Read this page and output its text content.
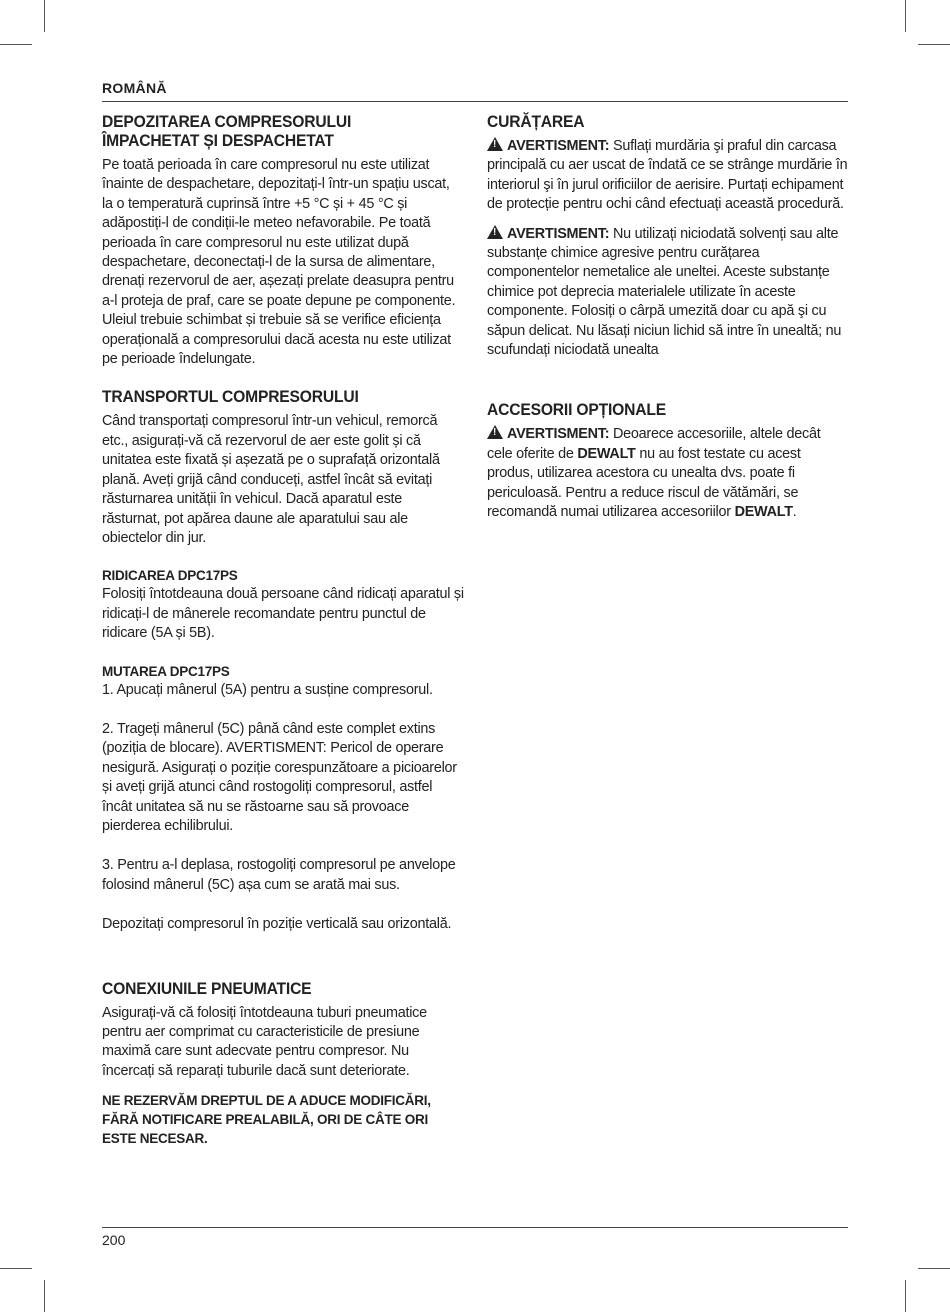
ROMÂNĂ
DEPOZITAREA COMPRESORULUI
ÎMPACHETAT ȘI DESPACHETAT

Pe toată perioada în care compresorul nu este utilizat înainte de despachetare, depozitați-l într-un spațiu uscat, la o temperatură cuprinsă între +5 °C și + 45 °C și adăpostiți-l de condiții-le meteo nefavorabile. Pe toată perioada în care compresorul nu este utilizat după despachetare, deconectați-l de la sursa de alimentare, drenați rezervorul de aer, așezați prelate deasupra pentru a-l proteja de praf, care se poate depune pe componente. Uleiul trebuie schimbat și trebuie să se verifice eficiența operațională a compresorului dacă acesta nu este utilizat pe perioade îndelungate.

TRANSPORTUL COMPRESORULUI

Când transportați compresorul într-un vehicul, remorcă etc., asigurați-vă că rezervorul de aer este golit și că unitatea este fixată și așezată pe o suprafață orizontală plană. Aveți grijă când conduceți, astfel încât să evitați răsturnarea unității în vehicul. Dacă aparatul este răsturnat, pot apărea daune ale aparatului sau ale obiectelor din jur.

RIDICAREA DPC17PS

Folosiți întotdeauna două persoane când ridicați aparatul și ridicați-l de mânerele recomandate pentru punctul de ridicare (5A și 5B).

MUTAREA DPC17PS

1. Apucați mânerul (5A) pentru a susține compresorul.

2. Trageți mânerul (5C) până când este complet extins (poziția de blocare). AVERTISMENT: Pericol de operare nesigură. Asigurați o poziție corespunzătoare a picioarelor și aveți grijă atunci când rostogoliți compresorul, astfel încât unitatea să nu se răstoarne sau să provoace pierderea echilibrului.

3. Pentru a-l deplasa, rostogoliți compresorul pe anvelope folosind mânerul (5C) așa cum se arată mai sus.

Depozitați compresorul în poziție verticală sau orizontală.

CONEXIUNILE PNEUMATICE

Asigurați-vă că folosiți întotdeauna tuburi pneumatice pentru aer comprimat cu caracteristicile de presiune maximă care sunt adecvate pentru compresor. Nu încercați să reparați tuburile dacă sunt deteriorate.

NE REZERVĂM DREPTUL DE A ADUCE MODIFICĂRI, FĂRĂ NOTIFICARE PREALABILĂ, ORI DE CÂTE ORI ESTE NECESAR.

CURĂȚAREA

!AVERTISMENT: Suflați murdăria şi praful din carcasa principală cu aer uscat de îndată ce se strânge murdărie în interiorul şi în jurul orificiilor de aerisire. Purtați echipament de protecție pentru ochi când efectuați această procedură.

!AVERTISMENT: Nu utilizați niciodată solvenți sau alte substanțe chimice agresive pentru curățarea componentelor nemetalice ale uneltei. Aceste substanțe chimice pot deprecia materialele utilizate în aceste componente. Folosiți o cârpă umezită doar cu apă şi cu săpun delicat. Nu lăsați niciun lichid să intre în unealtă; nu scufundați niciodată unealta

ACCESORII OPȚIONALE

!AVERTISMENT: Deoarece accesoriile, altele decât cele oferite de DEWALT nu au fost testate cu acest produs, utilizarea acestora cu unealta dvs. poate fi periculoasă. Pentru a reduce riscul de vătămări, se recomandă numai utilizarea accesoriilor DEWALT.

200
